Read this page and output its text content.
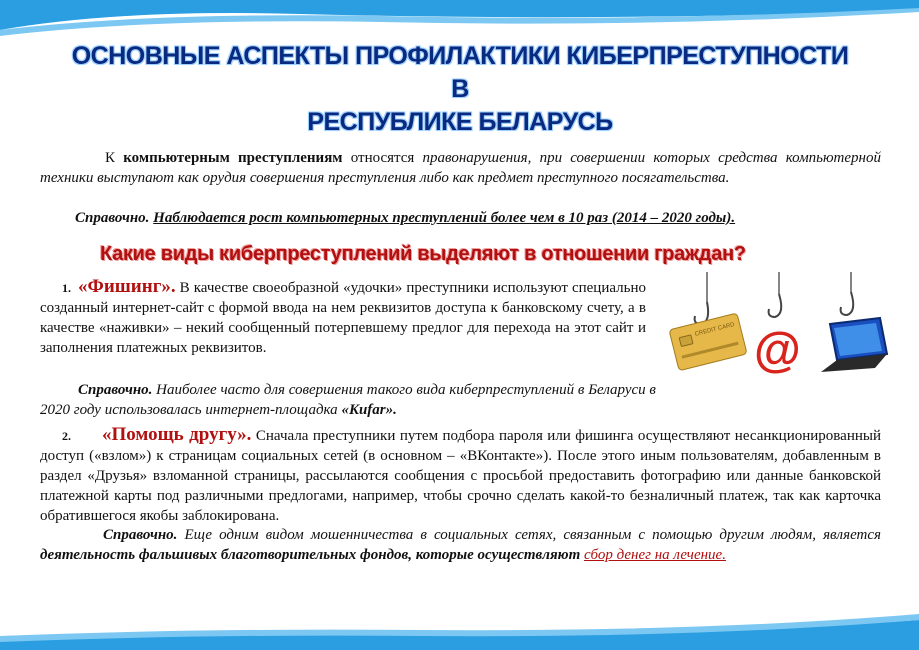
ОСНОВНЫЕ АСПЕКТЫ ПРОФИЛАКТИКИ КИБЕРПРЕСТУПНОСТИ В
РЕСПУБЛИКЕ БЕЛАРУСЬ
К компьютерным преступлениям относятся правонарушения, при совершении которых средства компьютерной техники выступают как орудия совершения преступления либо как предмет преступного посягательства.
Справочно. Наблюдается рост компьютерных преступлений более чем в 10 раз (2014 – 2020 годы).
Какие виды киберпреступлений выделяют в отношении граждан?
1. «Фишинг». В качестве своеобразной «удочки» преступники используют специально созданный интернет-сайт с формой ввода на нем реквизитов доступа к банковскому счету, а в качестве «наживки» – некий сообщенный потерпевшему предлог для перехода на этот сайт и заполнения платежных реквизитов.
Справочно. Наиболее часто для совершения такого вида киберпреступлений в Беларуси в 2020 году использовалась интернет-площадка «Kufar».
CREDIT CARD @
2. «Помощь другу». Сначала преступники путем подбора пароля или фишинга осуществляют несанкционированный доступ («взлом») к страницам социальных сетей (в основном – «ВКонтакте»). После этого иным пользователям, добавленным в раздел «Друзья» взломанной страницы, рассылаются сообщения с просьбой предоставить фотографию или данные банковской платежной карты под различными предлогами, например, чтобы срочно сделать какой-то безналичный платеж, так как карточка обратившегося якобы заблокирована.
Справочно. Еще одним видом мошенничества в социальных сетях, связанным с помощью другим людям, является деятельность фальшивых благотворительных фондов, которые осуществляют сбор денег на лечение.
